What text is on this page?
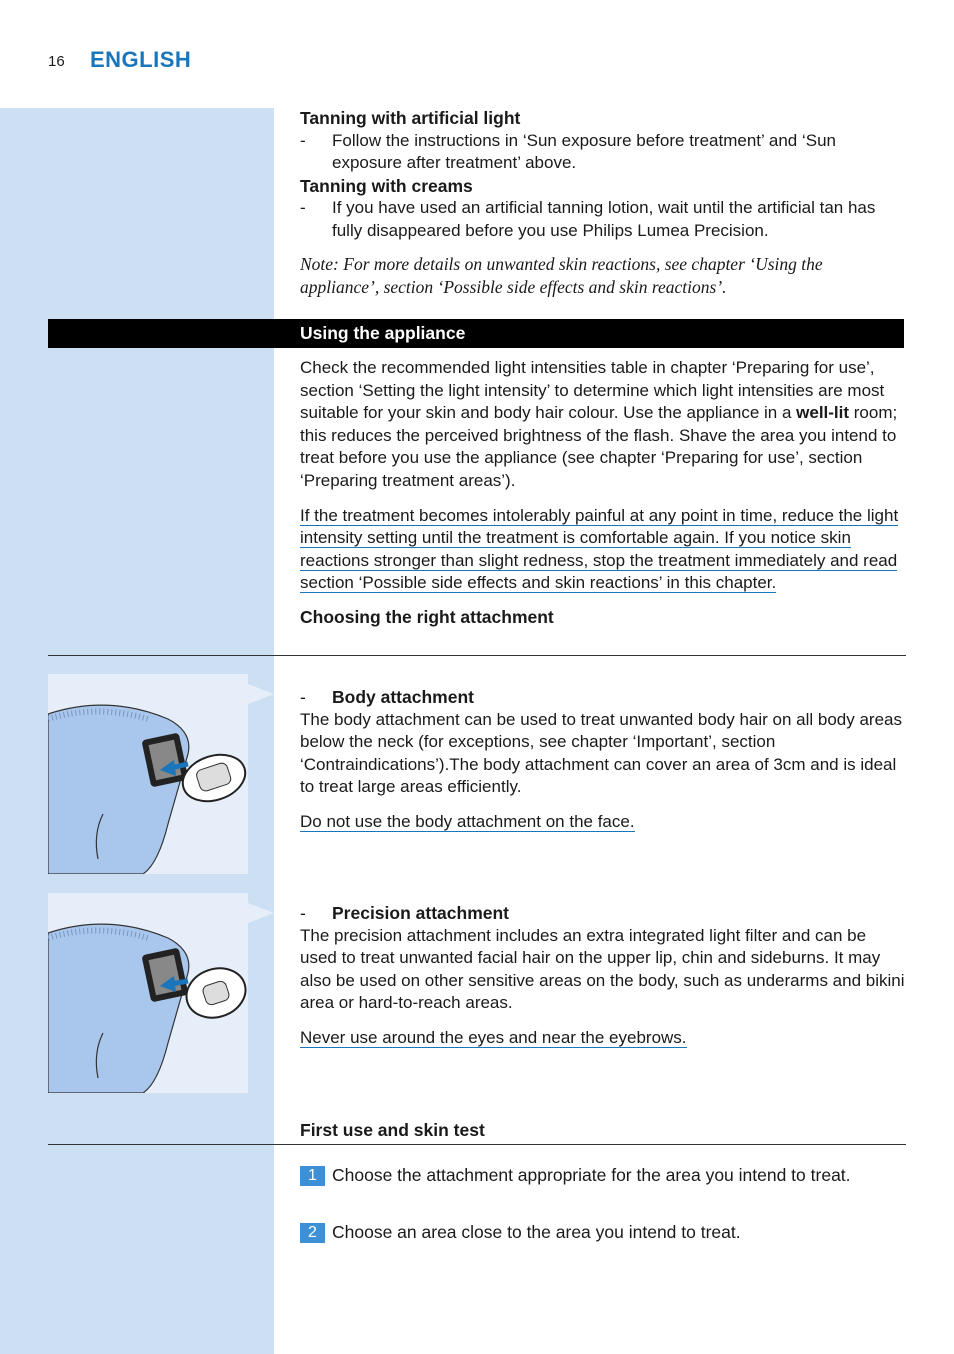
16 ENGLISH
Tanning with artificial light
- Follow the instructions in ‘Sun exposure before treatment’ and ‘Sun exposure after treatment’ above.
Tanning with creams
- If you have used an artificial tanning lotion, wait until the artificial tan has fully disappeared before you use Philips Lumea Precision.
Note: For more details on unwanted skin reactions, see chapter ‘Using the appliance’, section ‘Possible side effects and skin reactions’.
Using the appliance
Check the recommended light intensities table in chapter ‘Preparing for use’, section ‘Setting the light intensity’ to determine which light intensities are most suitable for your skin and body hair colour. Use the appliance in a well-lit room; this reduces the perceived brightness of the flash. Shave the area you intend to treat before you use the appliance (see chapter ‘Preparing for use’, section ‘Preparing treatment areas’).
If the treatment becomes intolerably painful at any point in time, reduce the light intensity setting until the treatment is comfortable again. If you notice skin reactions stronger than slight redness, stop the treatment immediately and read section ‘Possible side effects and skin reactions’ in this chapter.
Choosing the right attachment
- Body attachment
The body attachment can be used to treat unwanted body hair on all body areas below the neck (for exceptions, see chapter ‘Important’, section ‘Contraindications’).The body attachment can cover an area of 3cm and is ideal to treat large areas efficiently.
Do not use the body attachment on the face.
- Precision attachment
The precision attachment includes an extra integrated light filter and can be used to treat unwanted facial hair on the upper lip, chin and sideburns. It may also be used on other sensitive areas on the body, such as underarms and bikini area or hard-to-reach areas.
Never use around the eyes and near the eyebrows.
First use and skin test
1 Choose the attachment appropriate for the area you intend to treat.
2 Choose an area close to the area you intend to treat.
